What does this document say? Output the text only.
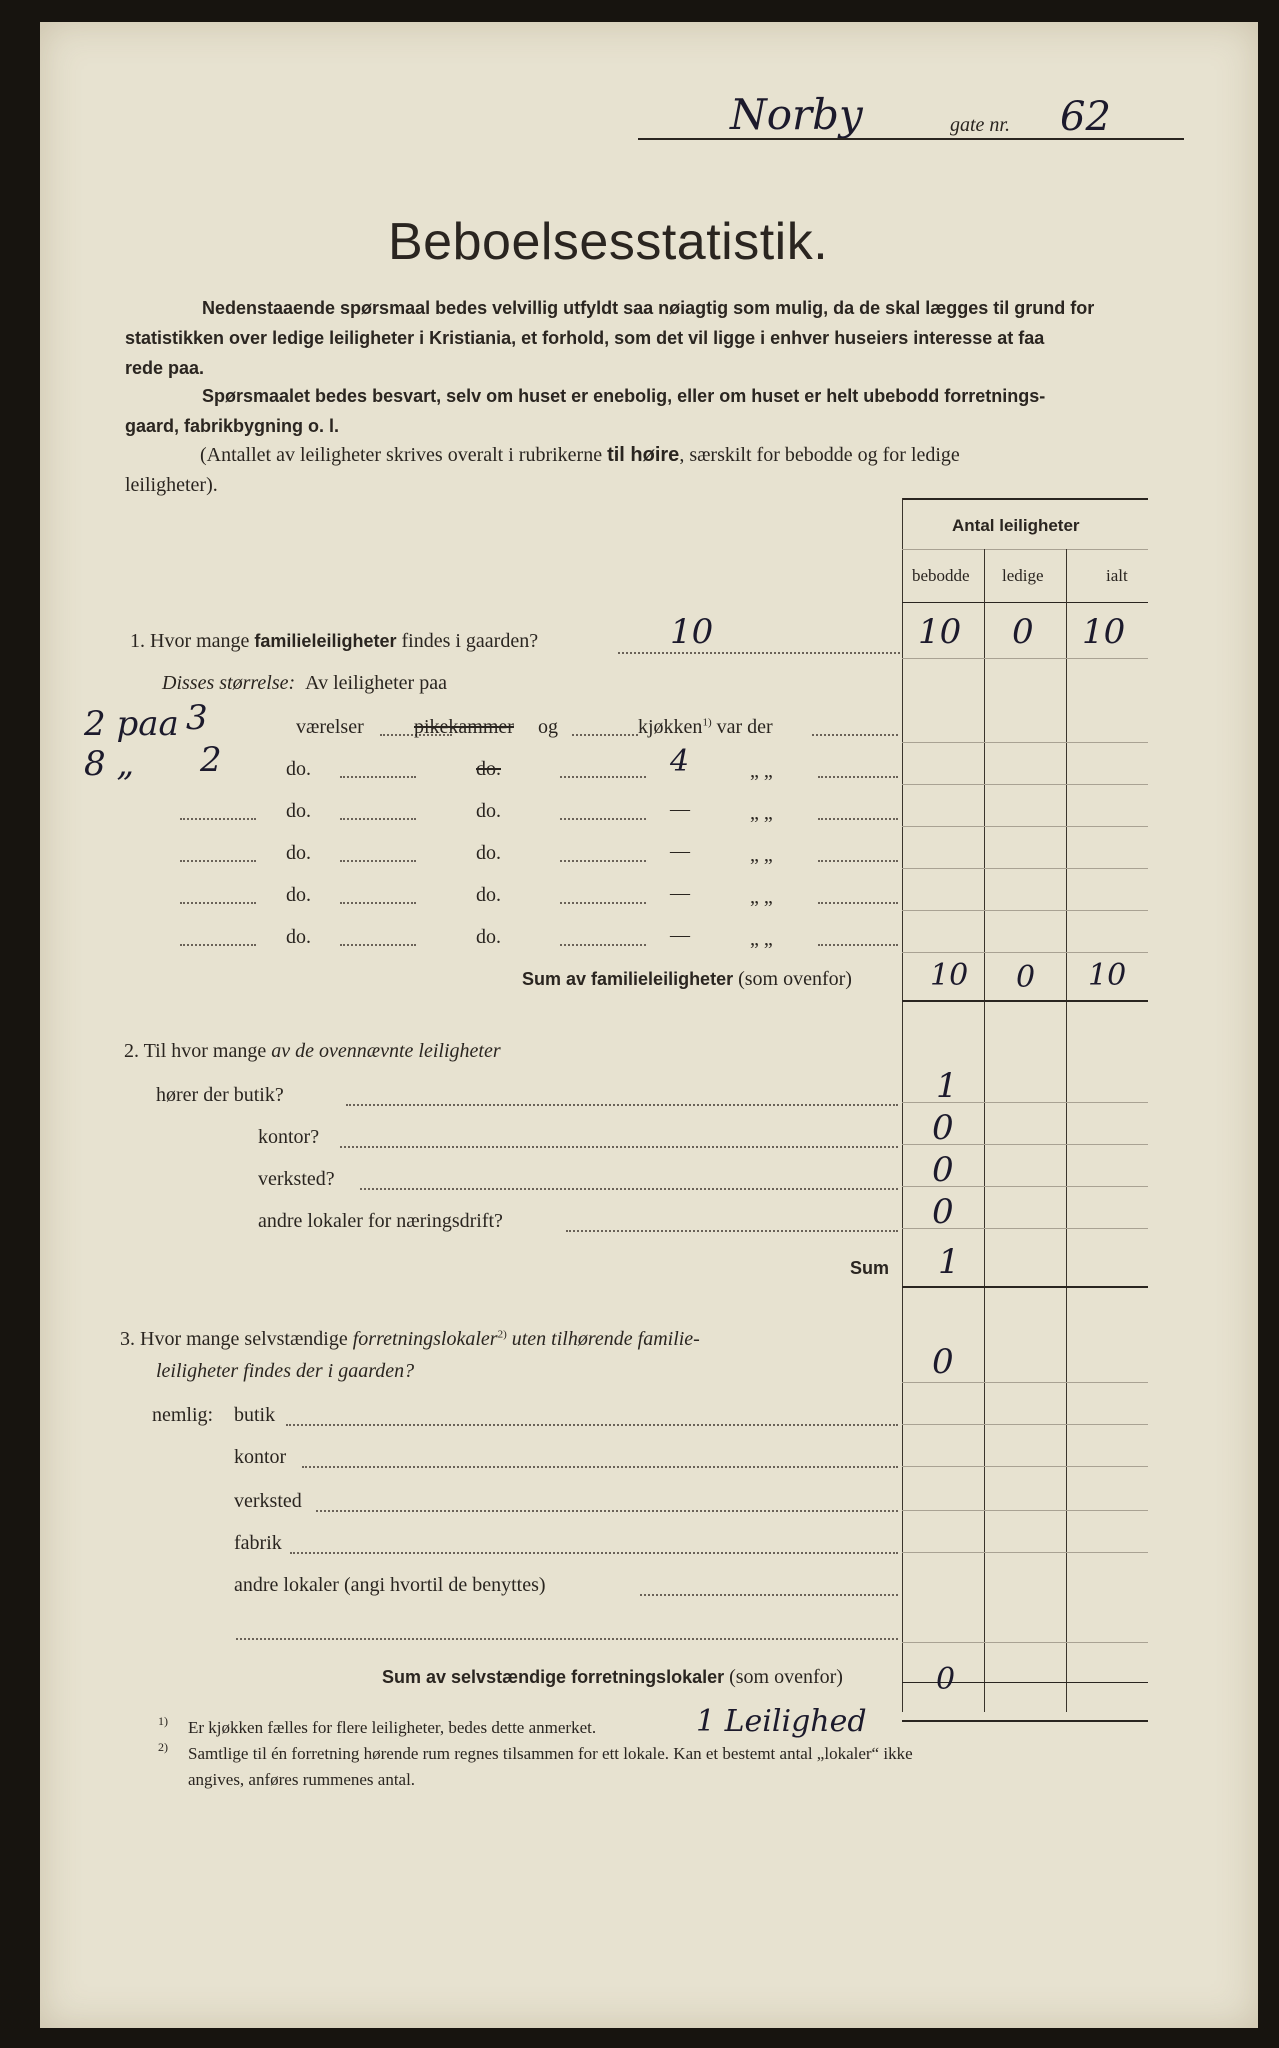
Norby	gate nr. 62
Beboelsesstatistik.
Nedenstaaende spørsmaal bedes velvillig utfyldt saa nøiagtig som mulig, da de skal lægges til grund for
statistikken over ledige leiligheter i Kristiania, et forhold, som det vil ligge i enhver huseiers interesse at faa
rede paa.
Spørsmaalet bedes besvart, selv om huset er enebolig, eller om huset er helt ubebodd forretnings-
gaard, fabrikbygning o. l.
(Antallet av leiligheter skrives overalt i rubrikerne til høire, særskilt for bebodde og for ledige
leiligheter).
Antal leiligheter
bebodde ledige	ialt
1. Hvor mange familieleiligheter findes i gaarden?	10	10 0 10
Disses størrelse: Av leiligheter paa
2 paa 3	værelser	pikekammer og	kjøkken$^{1)}$ var der
8 „ 2	do.	do.	4	„ „
do.	do.	—	„ „
do.	do.	—	„ „
do.	do.	—	„ „
do.	do.	—	„ „
Sum av familieleiligheter (som ovenfor)	10 0 10
2. Til hvor mange av de ovennævnte leiligheter
hører der butik?	1
kontor?	0
verksted?	0
andre lokaler for næringsdrift?	0
Sum 1
3. Hvor mange selvstændige forretningslokaler$^{2)}$ uten tilhørende familie-
leiligheter findes der i gaarden?	0
nemlig: butik
kontor
verksted
fabrik
andre lokaler (angi hvortil de benyttes)
Sum av selvstændige forretningslokaler (som ovenfor)	0
1) Er kjøkken fælles for flere leiligheter, bedes dette anmerket.	1 Leilighed
2) Samtlige til én forretning hørende rum regnes tilsammen for ett lokale. Kan et bestemt antal „lokaler“ ikke
angives, anføres rummenes antal.
